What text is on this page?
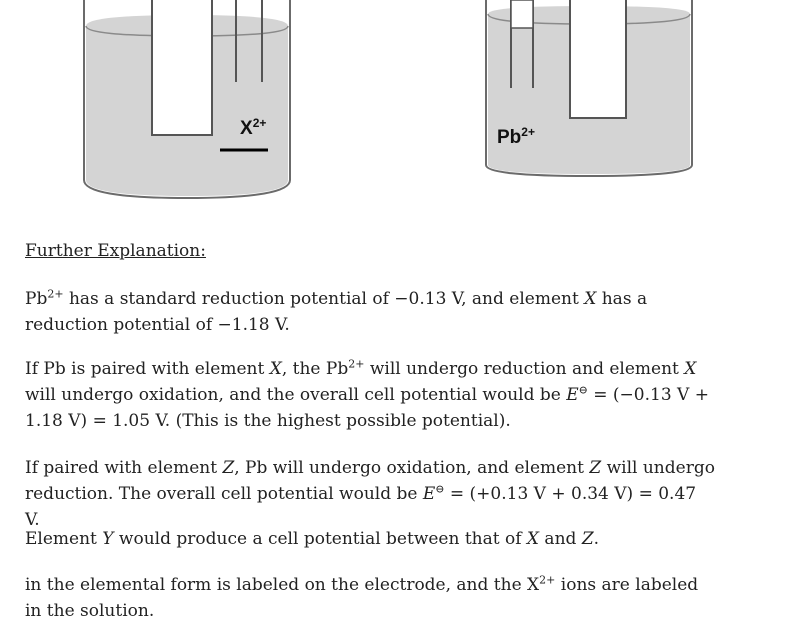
$X^{2+}$
$Pb^{2+}$
Further Explanation:
$Pb^{2+}$ has a standard reduction potential of −0.13 V, and element X has a reduction potential of −1.18 V.
If Pb is paired with element X, the $Pb^{2+}$ will undergo reduction and element X will undergo oxidation, and the overall cell potential would be E⊖ = (−0.13 V + 1.18 V) = 1.05 V. (This is the highest possible potential).
If paired with element Z, Pb will undergo oxidation, and element Z will undergo reduction. The overall cell potential would be E⊖ = (+0.13 V + 0.34 V) = 0.47 V.
Element Y would produce a cell potential between that of X and Z.
in the elemental form is labeled on the electrode, and the $X^{2+}$ ions are labeled in the solution.
